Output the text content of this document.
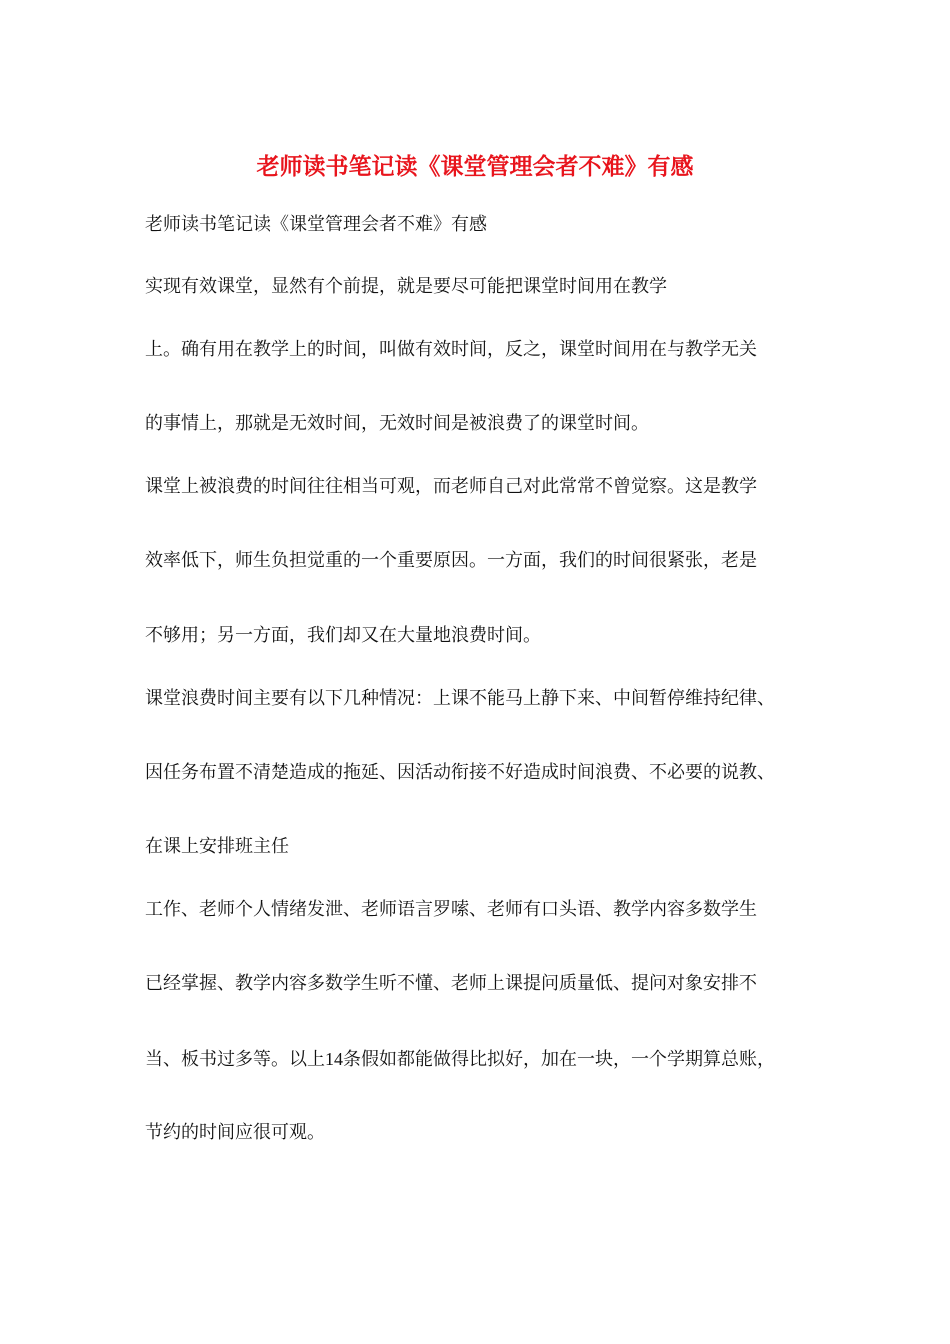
老师读书笔记读《课堂管理会者不难》有感
老师读书笔记读《课堂管理会者不难》有感
实现有效课堂，显然有个前提，就是要尽可能把课堂时间用在教学
上。确有用在教学上的时间，叫做有效时间，反之，课堂时间用在与教学无关
的事情上，那就是无效时间，无效时间是被浪费了的课堂时间。
课堂上被浪费的时间往往相当可观，而老师自己对此常常不曾觉察。这是教学
效率低下，师生负担觉重的一个重要原因。一方面，我们的时间很紧张，老是
不够用；另一方面，我们却又在大量地浪费时间。
课堂浪费时间主要有以下几种情况：上课不能马上静下来、中间暂停维持纪律、
因任务布置不清楚造成的拖延、因活动衔接不好造成时间浪费、不必要的说教、
在课上安排班主任
工作、老师个人情绪发泄、老师语言罗嗦、老师有口头语、教学内容多数学生
已经掌握、教学内容多数学生听不懂、老师上课提问质量低、提问对象安排不
当、板书过多等。以上14条假如都能做得比拟好，加在一块，一个学期算总账，
节约的时间应很可观。
